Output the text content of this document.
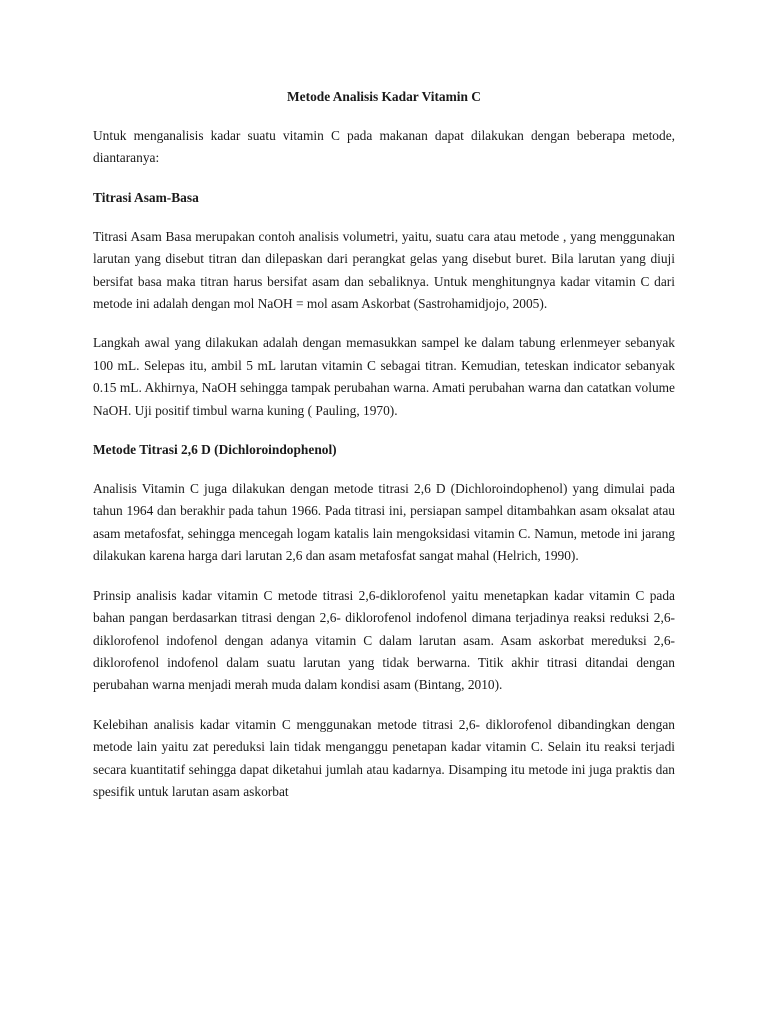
Metode Analisis Kadar Vitamin C

Untuk menganalisis kadar suatu vitamin C pada makanan dapat dilakukan dengan beberapa metode, diantaranya:

Titrasi Asam-Basa

Titrasi Asam Basa merupakan contoh analisis volumetri, yaitu, suatu cara atau metode , yang menggunakan larutan yang disebut titran dan dilepaskan dari perangkat gelas yang disebut buret. Bila larutan yang diuji bersifat basa maka titran harus bersifat asam dan sebaliknya. Untuk menghitungnya kadar vitamin C dari metode ini adalah dengan mol NaOH = mol asam Askorbat (Sastrohamidjojo, 2005).

Langkah awal yang dilakukan adalah dengan memasukkan sampel ke dalam tabung erlenmeyer sebanyak 100 mL. Selepas itu, ambil 5 mL larutan vitamin C sebagai titran. Kemudian, teteskan indicator sebanyak 0.15 mL. Akhirnya, NaOH sehingga tampak perubahan warna. Amati perubahan warna dan catatkan volume NaOH. Uji positif timbul warna kuning ( Pauling, 1970).

Metode Titrasi 2,6 D (Dichloroindophenol)

Analisis Vitamin C juga dilakukan dengan metode titrasi 2,6 D (Dichloroindophenol) yang dimulai pada tahun 1964 dan berakhir pada tahun 1966. Pada titrasi ini, persiapan sampel ditambahkan asam oksalat atau asam metafosfat, sehingga mencegah logam katalis lain mengoksidasi vitamin C. Namun, metode ini jarang dilakukan karena harga dari larutan 2,6 dan asam metafosfat sangat mahal (Helrich, 1990).

Prinsip analisis kadar vitamin C metode titrasi 2,6-diklorofenol yaitu menetapkan kadar vitamin C pada bahan pangan berdasarkan titrasi dengan 2,6- diklorofenol indofenol dimana terjadinya reaksi reduksi 2,6-diklorofenol indofenol dengan adanya vitamin C dalam larutan asam. Asam askorbat mereduksi 2,6- diklorofenol indofenol dalam suatu larutan yang tidak berwarna. Titik akhir titrasi ditandai dengan perubahan warna menjadi merah muda dalam kondisi asam (Bintang, 2010).

Kelebihan analisis kadar vitamin C menggunakan metode titrasi 2,6- diklorofenol dibandingkan dengan metode lain yaitu zat pereduksi lain tidak menganggu penetapan kadar vitamin C. Selain itu reaksi terjadi secara kuantitatif sehingga dapat diketahui jumlah atau kadarnya. Disamping itu metode ini juga praktis dan spesifik untuk larutan asam askorbat
